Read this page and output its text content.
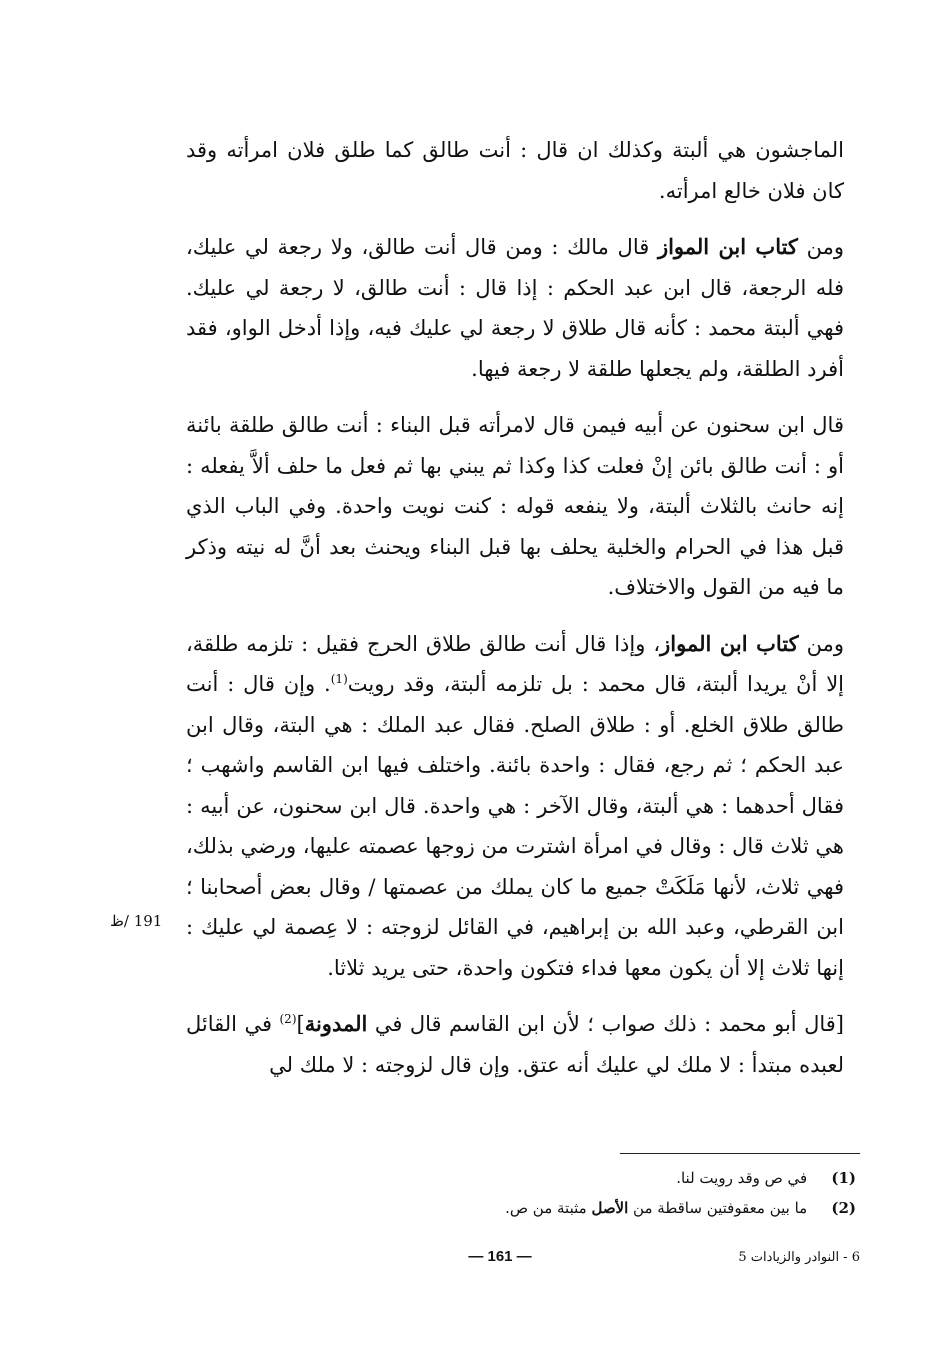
الماجشون هي ألبتة وكذلك ان قال : أنت طالق كما طلق فلان امرأته وقد كان فلان خالع امرأته.
ومن كتاب ابن المواز قال مالك : ومن قال أنت طالق، ولا رجعة لي عليك، فله الرجعة، قال ابن عبد الحكم : إذا قال : أنت طالق، لا رجعة لي عليك. فهي ألبتة محمد : كأنه قال طلاق لا رجعة لي عليك فيه، وإذا أدخل الواو، فقد أفرد الطلقة، ولم يجعلها طلقة لا رجعة فيها.
قال ابن سحنون عن أبيه فيمن قال لامرأته قبل البناء : أنت طالق طلقة بائنة أو : أنت طالق بائن إنْ فعلت كذا وكذا ثم يبني بها ثم فعل ما حلف ألاَّ يفعله : إنه حانث بالثلاث ألبتة، ولا ينفعه قوله : كنت نويت واحدة. وفي الباب الذي قبل هذا في الحرام والخلية يحلف بها قبل البناء ويحنث بعد أنَّ له نيته وذكر ما فيه من القول والاختلاف.
ومن كتاب ابن المواز، وإذا قال أنت طالق طلاق الحرج فقيل : تلزمه طلقة، إلا أنْ يريدا ألبتة، قال محمد : بل تلزمه ألبتة، وقد رويت$^{(1)}$. وإن قال : أنت طالق طلاق الخلع. أو : طلاق الصلح. فقال عبد الملك : هي البتة، وقال ابن عبد الحكم ؛ ثم رجع، فقال : واحدة بائنة. واختلف فيها ابن القاسم واشهب ؛ فقال أحدهما : هي ألبتة، وقال الآخر : هي واحدة. قال ابن سحنون، عن أبيه : هي ثلاث قال : وقال في امرأة اشترت من زوجها عصمته عليها، ورضي بذلك، فهي ثلاث، لأنها مَلَكَتْ جميع ما كان يملك من عصمتها / وقال بعض أصحابنا ؛ ابن القرطي، وعبد الله بن إبراهيم، في القائل لزوجته : لا عِصمة لي عليك : إنها ثلاث إلا أن يكون معها فداء فتكون واحدة، حتى يريد ثلاثا.
[قال أبو محمد : ذلك صواب ؛ لأن ابن القاسم قال في المدونة]$^{(2)}$ في القائل لعبده مبتدأ : لا ملك لي عليك أنه عتق. وإن قال لزوجته : لا ملك لي
191 /ظ
(1) في ص وقد رويت لنا.
(2) ما بين معقوفتين ساقطة من الأصل مثبتة من ص.
— 161 —	6 - النوادر والزيادات 5
